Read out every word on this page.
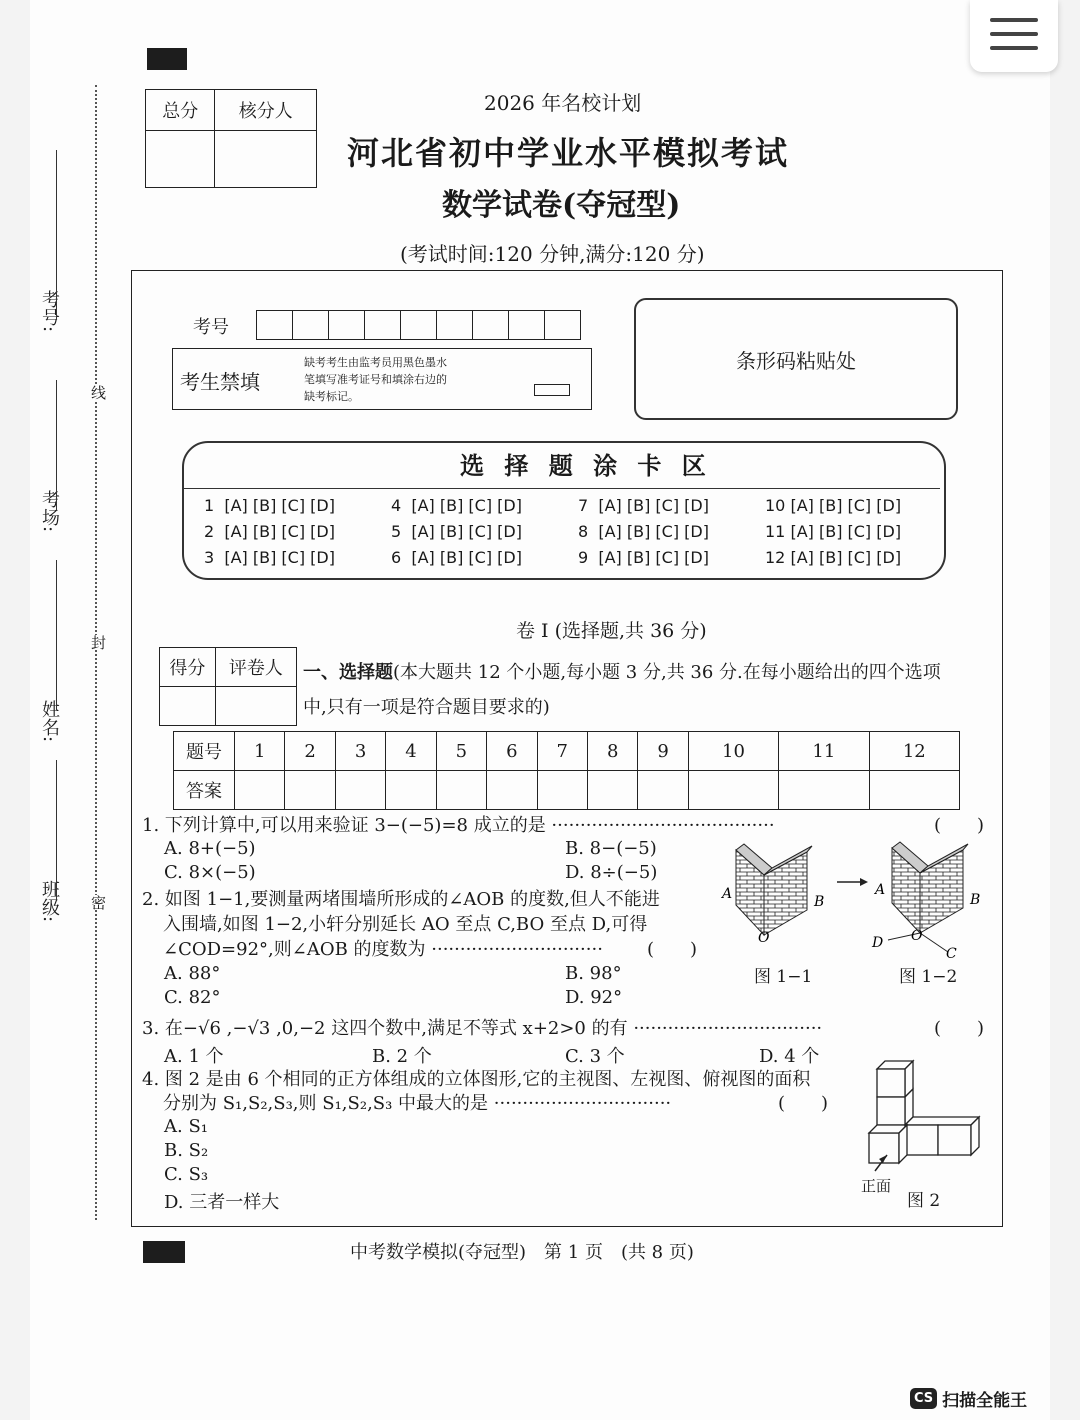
考号:
考场:
姓名:
班级:
线
封
密
总分	核分人
		2026 年名校计划
河北省初中学业水平模拟考试
数学试卷(夺冠型)
(考试时间:120 分钟,满分:120 分)
考号
考生禁填
缺考考生由监考员用黑色墨水
笔填写准考证号和填涂右边的
缺考标记。
条形码粘贴处
选 择 题 涂 卡 区
1 [A] [B] [C] [D]	4 [A] [B] [C] [D]	7 [A] [B] [C] [D]	10 [A] [B] [C] [D]
2 [A] [B] [C] [D]	5 [A] [B] [C] [D]	8 [A] [B] [C] [D]	11 [A] [B] [C] [D]
3 [A] [B] [C] [D]	6 [A] [B] [C] [D]	9 [A] [B] [C] [D]	12 [A] [B] [C] [D]
卷 I (选择题,共 36 分)
得分	评卷人
	一、选择题(本大题共 12 个小题,每小题 3 分,共 36 分.在每小题给出的四个选项
中,只有一项是符合题目要求的)
题号	1	2	3	4	5	6	7	8	9	10	11	12
答案												
1. 下列计算中,可以用来验证 3−(−5)=8 成立的是 ·······································	(　　)
A. 8+(−5)	B. 8−(−5)
C. 8×(−5)	D. 8÷(−5)
2. 如图 1−1,要测量两堵围墙所形成的∠AOB 的度数,但人不能进
入围墙,如图 1−2,小轩分别延长 AO 至点 C,BO 至点 D,可得
∠COD=92°,则∠AOB 的度数为 ······························ (　　)
A. 88°	B. 98°
C. 82°	D. 92°
A	B
O
A
B
O
D
C
图 1−1	图 1−2
3. 在−√6 ,−√3 ,0,−2 这四个数中,满足不等式 x+2>0 的有 ·································	(　　)
A. 1 个	B. 2 个	C. 3 个	D. 4 个
4. 图 2 是由 6 个相同的正方体组成的立体图形,它的主视图、左视图、俯视图的面积
分别为 S₁,S₂,S₃,则 S₁,S₂,S₃ 中最大的是 ·······························	(　　)
A. S₁
B. S₂
C. S₃
D. 三者一样大
正面
图 2
中考数学模拟(夺冠型)　第 1 页　(共 8 页)
CS 扫描全能王
